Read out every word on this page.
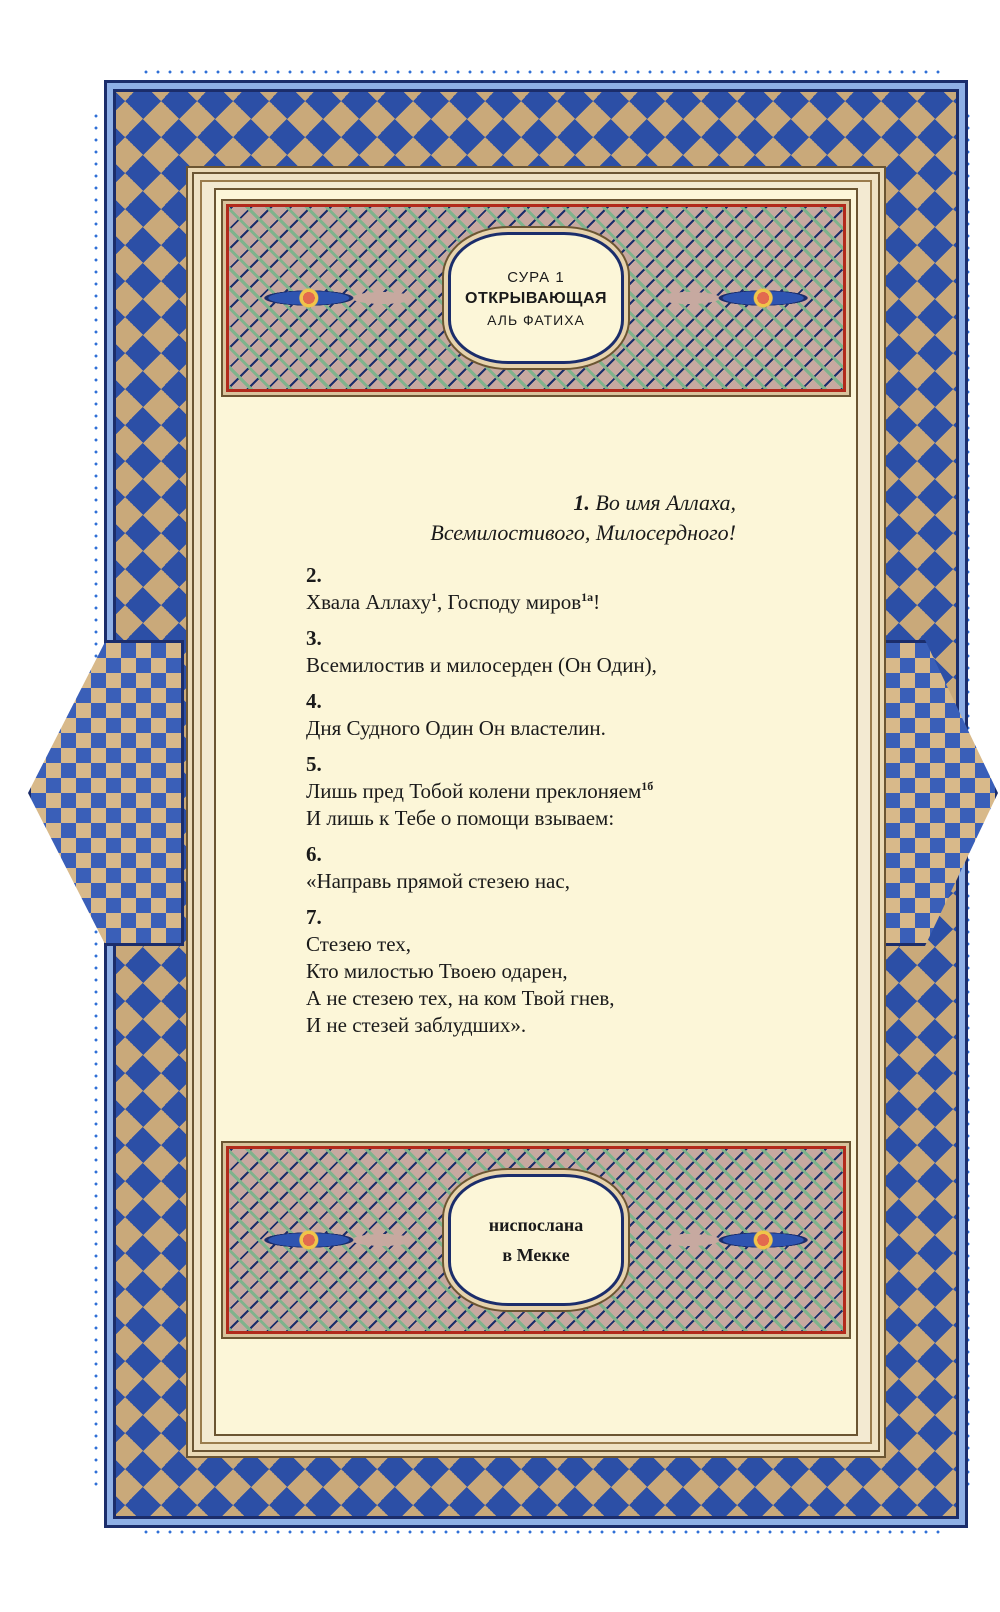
СУРА 1
ОТКРЫВАЮЩАЯ
АЛЬ ФАТИХА
1. Во имя Аллаха,
Всемилостивого, Милосердного!
2.
Хвала Аллаху$^1$, Господу миров$^{1а}$!
3.
Всемилостив и милосерден (Он Один),
4.
Дня Судного Один Он властелин.
5.
Лишь пред Тобой колени преклоняем$^{1б}$
И лишь к Тебе о помощи взываем:
6.
«Направь прямой стезею нас,
7.
Стезею тех,
Кто милостью Твоею одарен,
А не стезею тех, на ком Твой гнев,
И не стезей заблудших».
ниспослана
в Мекке
